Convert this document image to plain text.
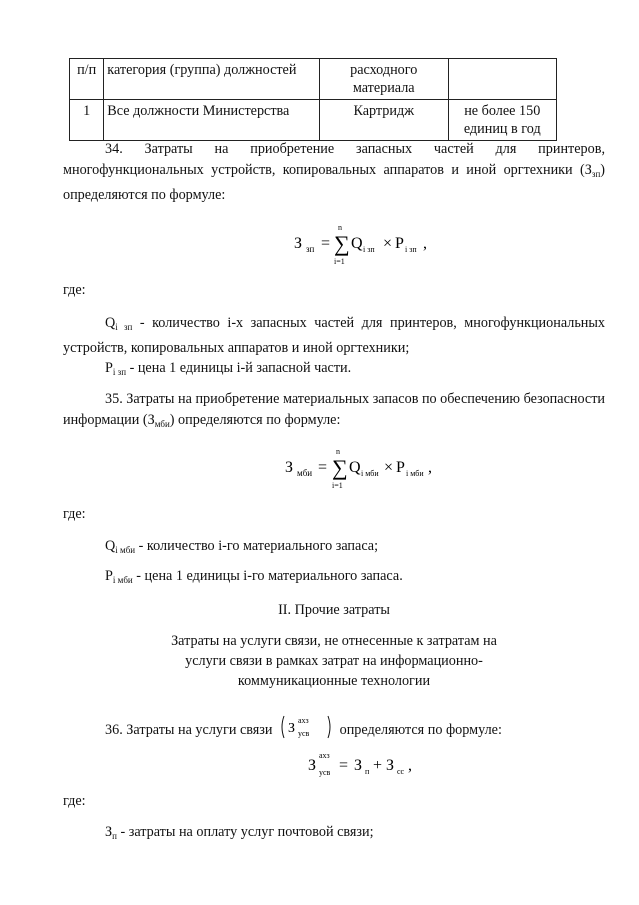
п/п	категория (группа) должностей	расходного материала	
1	Все должности Министерства	Картридж	не более 150 единиц в год

34. Затраты на приобретение запасных частей для принтеров, многофункциональных устройств, копировальных аппаратов и иной оргтехники $(З_{зп})$ определяются по формуле:

З зп =
n
∑
i=1
Q i зп × P i зп ,
где:

$Q_{i зп}$ - количество i-х запасных частей для принтеров, многофункциональных устройств, копировальных аппаратов и иной оргтехники;

$P_{i зп}$ - цена 1 единицы i-й запасной части.

35. Затраты на приобретение материальных запасов по обеспечению безопасности информации $(З_{мби})$ определяются по формуле:

З мби =
n
∑
i=1
Q i мби × P i мби ,
где:
$Q_{i мби}$ - количество i-го материального запаса;
$P_{i мби}$ - цена 1 единицы i-го материального запаса.
II. Прочие затраты
Затраты на услуги связи, не отнесенные к затратам на услуги связи в рамках затрат на информационно-коммуникационные технологии
36. Затраты на услуги связи З
ахз
усв определяются по формуле:
З
ахз
усв = З п + З сс ,
где:
$З_п$ - затраты на оплату услуг почтовой связи;
